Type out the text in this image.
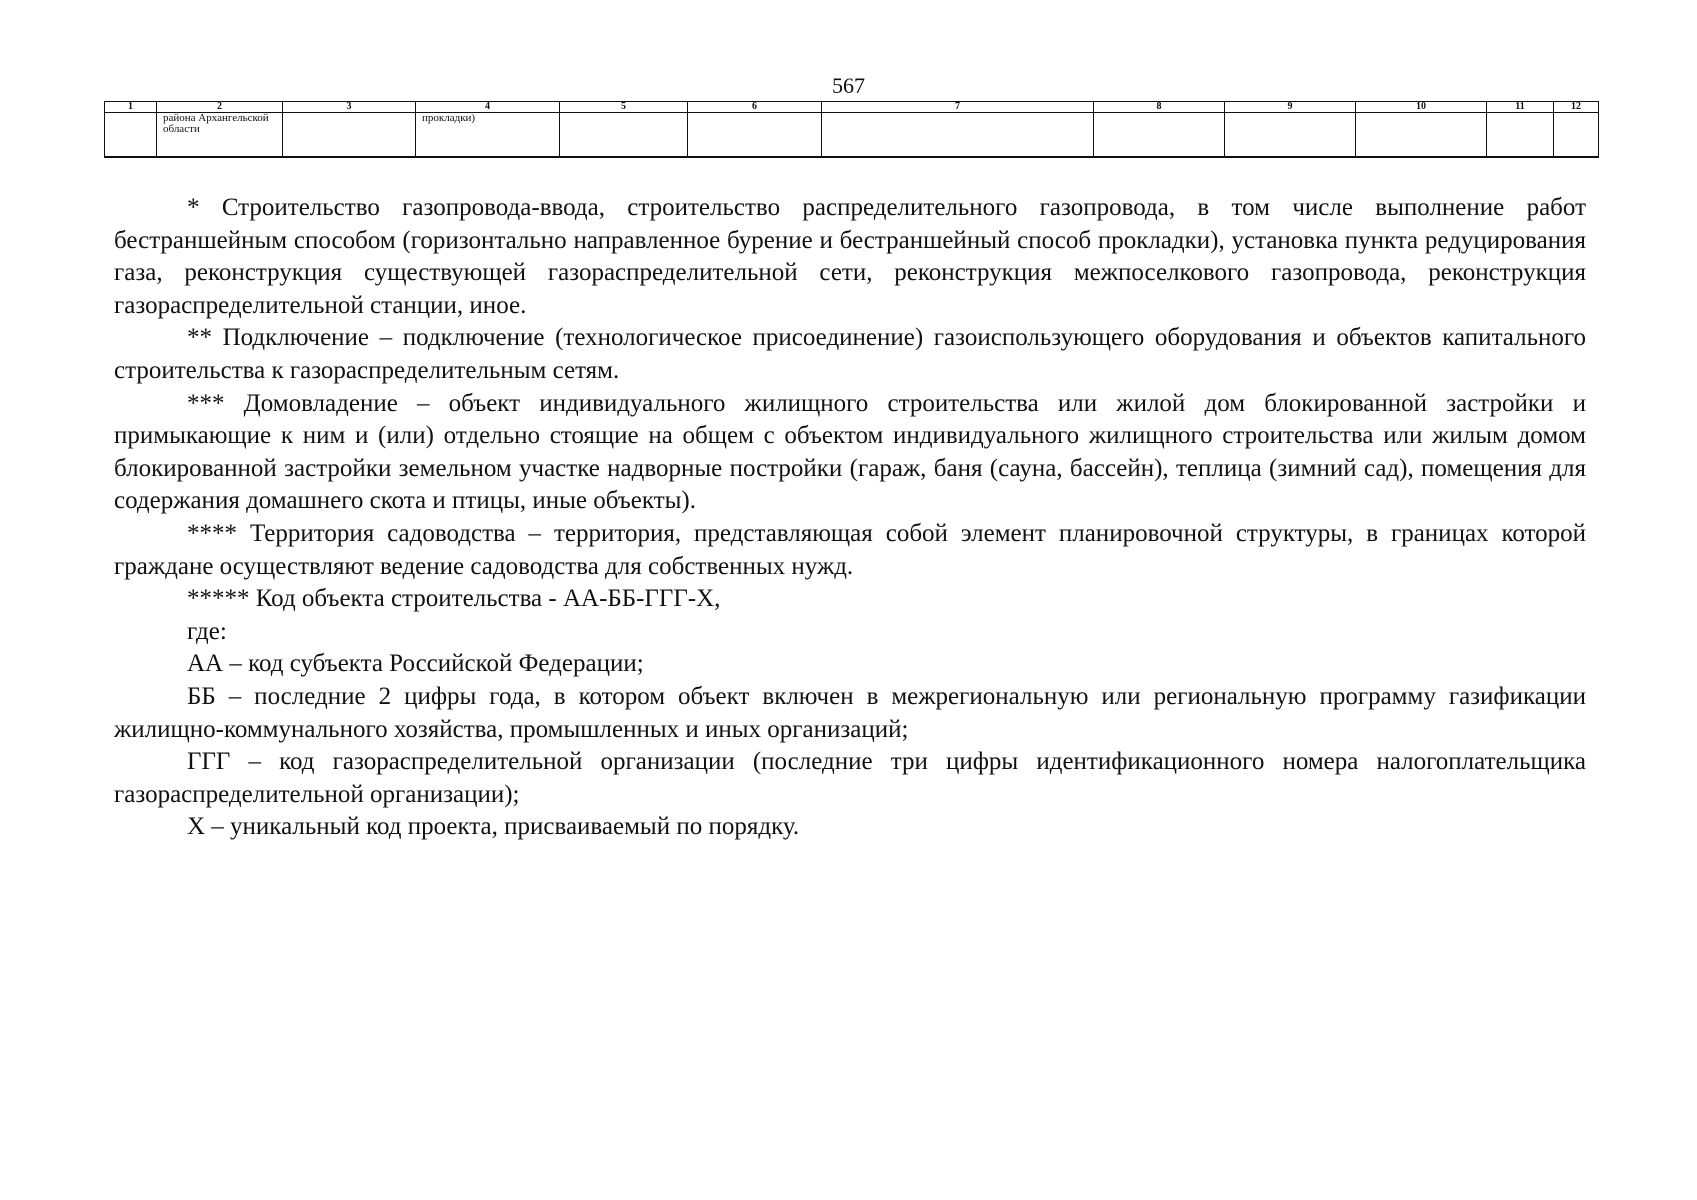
567
1	2	3	4	5	6	7	8	9	10	11	12
	района Архангельской области		прокладки)								

* Строительство газопровода-ввода, строительство распределительного газопровода, в том числе выполнение работ бестраншейным способом (горизонтально направленное бурение и бестраншейный способ прокладки), установка пункта редуцирования газа, реконструкция существующей газораспределительной сети, реконструкция межпоселкового газопровода, реконструкция газораспределительной станции, иное.

** Подключение – подключение (технологическое присоединение) газоиспользующего оборудования и объектов капитального строительства к газораспределительным сетям.

*** Домовладение – объект индивидуального жилищного строительства или жилой дом блокированной застройки и примыкающие к ним и (или) отдельно стоящие на общем с объектом индивидуального жилищного строительства или жилым домом блокированной застройки земельном участке надворные постройки (гараж, баня (сауна, бассейн), теплица (зимний сад), помещения для содержания домашнего скота и птицы, иные объекты).

**** Территория садоводства – территория, представляющая собой элемент планировочной структуры, в границах которой граждане осуществляют ведение садоводства для собственных нужд.

***** Код объекта строительства - АА-ББ-ГГГ-Х,

где:

АА – код субъекта Российской Федерации;

ББ – последние 2 цифры года, в котором объект включен в межрегиональную или региональную программу газификации жилищно-коммунального хозяйства, промышленных и иных организаций;

ГГГ – код газораспределительной организации (последние три цифры идентификационного номера налогоплательщика газораспределительной организации);

Х – уникальный код проекта, присваиваемый по порядку.
